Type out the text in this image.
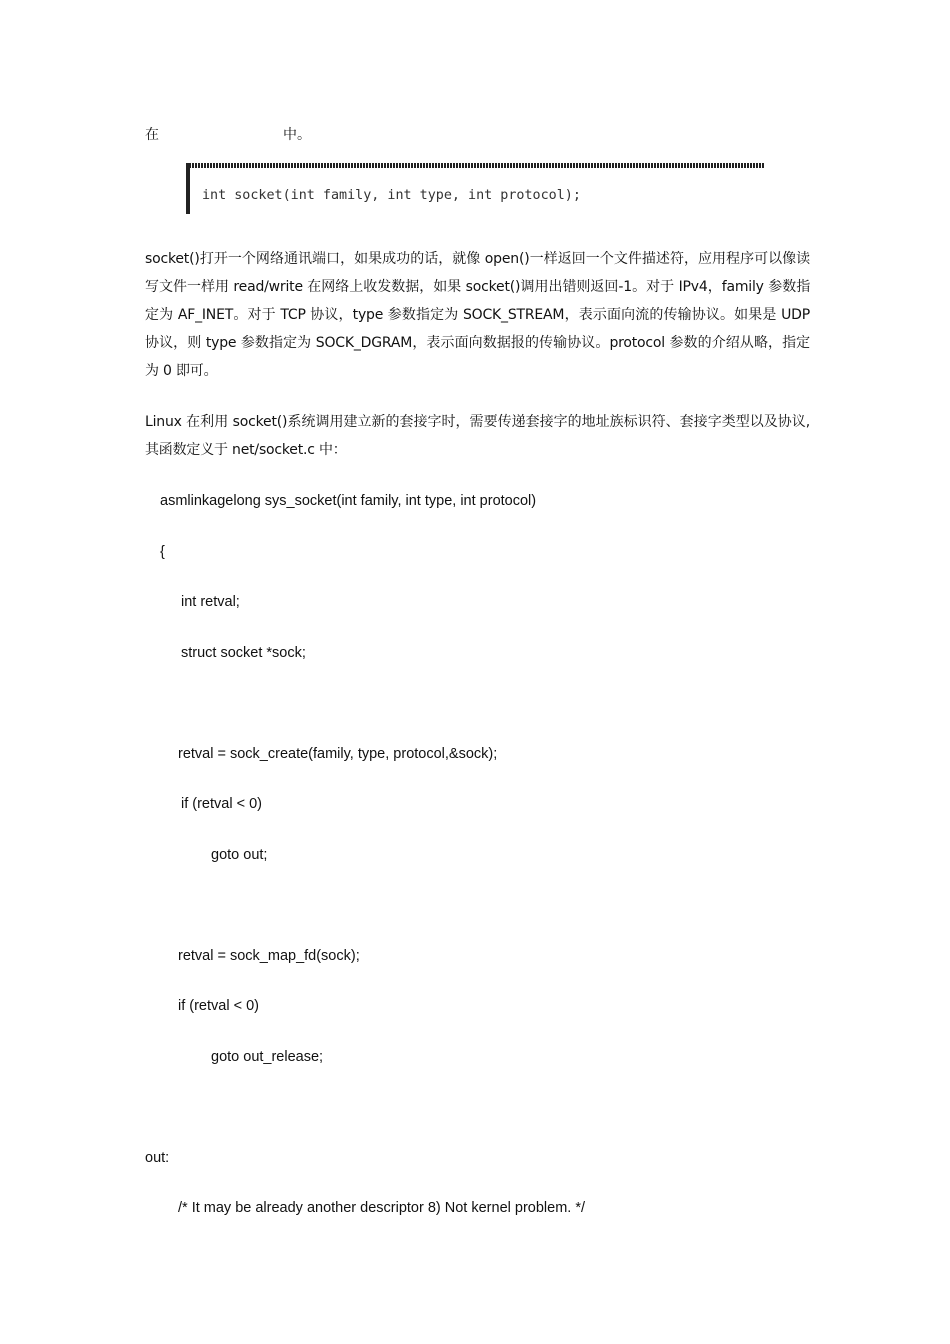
在	中。
int socket(int family, int type, int protocol);
socket()打开一个网络通讯端口，如果成功的话，就像 open()一样返回一个文件描述符，应用程序可以像读写文件一样用 read/write 在网络上收发数据，如果 socket()调用出错则返回-1。对于 IPv4，family 参数指定为 AF_INET。对于 TCP 协议，type 参数指定为 SOCK_STREAM，表示面向流的传输协议。如果是 UDP 协议，则 type 参数指定为 SOCK_DGRAM，表示面向数据报的传输协议。protocol 参数的介绍从略，指定为 0 即可。
Linux 在利用 socket()系统调用建立新的套接字时，需要传递套接字的地址族标识符、套接字类型以及协议,其函数定义于 net/socket.c 中：
asmlinkagelong sys_socket(int family, int type, int protocol)
{
int retval;
struct socket *sock;
retval = sock_create(family, type, protocol,&sock);
if (retval < 0)
goto out;
retval = sock_map_fd(sock);
if (retval < 0)
goto out_release;
out:
/* It may be already another descriptor 8) Not kernel problem. */
